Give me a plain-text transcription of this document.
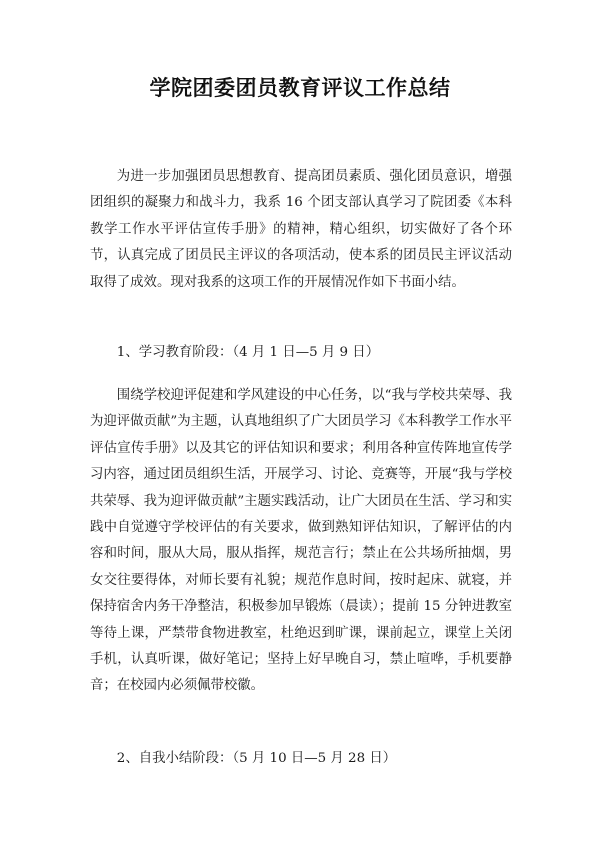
学院团委团员教育评议工作总结

为进一步加强团员思想教育、提高团员素质、强化团员意识，增强团组织的凝聚力和战斗力，我系 16 个团支部认真学习了院团委《本科教学工作水平评估宣传手册》的精神，精心组织，切实做好了各个环节，认真完成了团员民主评议的各项活动，使本系的团员民主评议活动取得了成效。现对我系的这项工作的开展情况作如下书面小结。

1、学习教育阶段：（4 月 1 日—5 月 9 日）

围绕学校迎评促建和学风建设的中心任务，以“我与学校共荣辱、我为迎评做贡献”为主题，认真地组织了广大团员学习《本科教学工作水平评估宣传手册》以及其它的评估知识和要求；利用各种宣传阵地宣传学习内容，通过团员组织生活，开展学习、讨论、竞赛等，开展“我与学校共荣辱、我为迎评做贡献”主题实践活动，让广大团员在生活、学习和实践中自觉遵守学校评估的有关要求，做到熟知评估知识，了解评估的内容和时间，服从大局，服从指挥，规范言行；禁止在公共场所抽烟，男女交往要得体，对师长要有礼貌；规范作息时间，按时起床、就寝，并保持宿舍内务干净整洁，积极参加早锻炼（晨读）；提前 15 分钟进教室等待上课，严禁带食物进教室，杜绝迟到旷课，课前起立，课堂上关闭手机，认真听课，做好笔记；坚持上好早晚自习，禁止喧哗，手机要静音；在校园内必须佩带校徽。

2、自我小结阶段：（5 月 10 日—5 月 28 日）
